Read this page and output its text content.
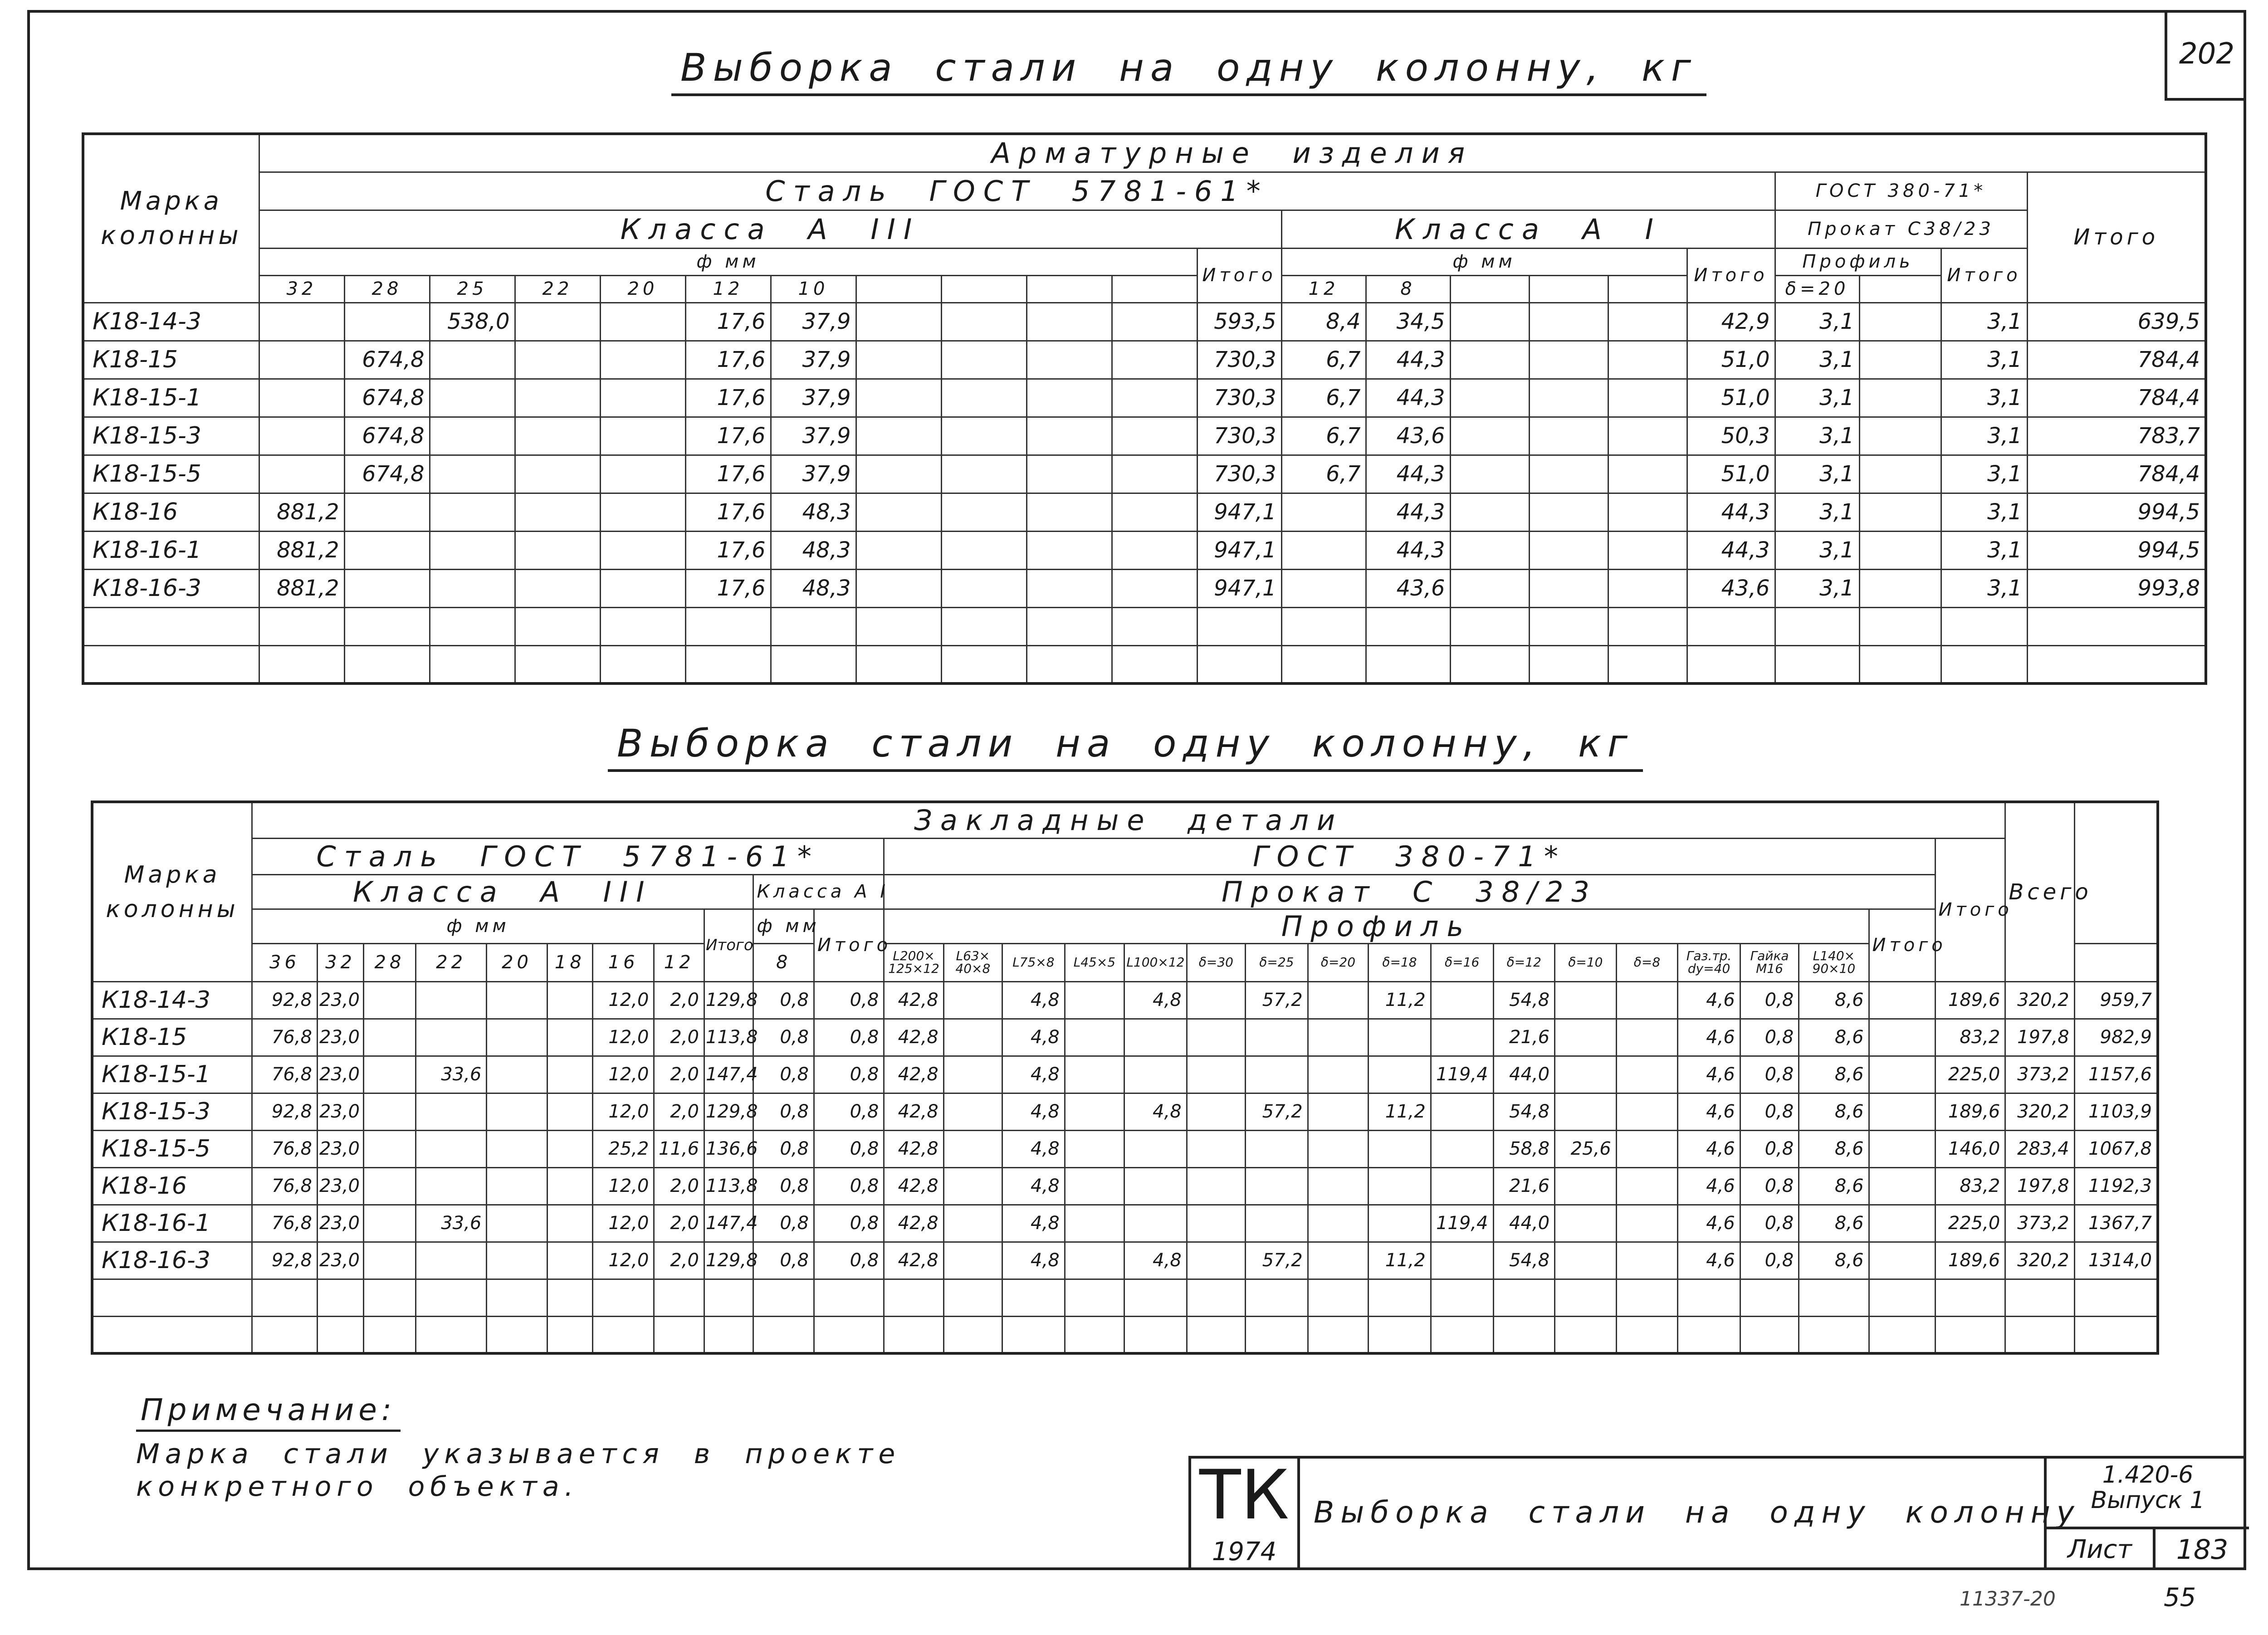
202
Выборка стали на одну колонну, кг
Марка колонны	Арматурные изделия																					
	Сталь ГОСТ 5781-61*																		ГОСТ 380-71*			Итого
	Класса A III												Класса A I						Прокат С38/23			
	ф мм											Итого	ф мм					Итого	Профиль		Итого	
	32	28	25	22	20	12	10						12	8					δ=20			
К18-14-3			538,0			17,6	37,9					593,5	8,4	34,5				42,9	3,1		3,1	639,5
К18-15		674,8				17,6	37,9					730,3	6,7	44,3				51,0	3,1		3,1	784,4
К18-15-1		674,8				17,6	37,9					730,3	6,7	44,3				51,0	3,1		3,1	784,4
К18-15-3		674,8				17,6	37,9					730,3	6,7	43,6				50,3	3,1		3,1	783,7
К18-15-5		674,8				17,6	37,9					730,3	6,7	44,3				51,0	3,1		3,1	784,4
К18-16	881,2					17,6	48,3					947,1		44,3				44,3	3,1		3,1	994,5
К18-16-1	881,2					17,6	48,3					947,1		44,3				44,3	3,1		3,1	994,5
К18-16-3	881,2					17,6	48,3					947,1		43,6				43,6	3,1		3,1	993,8

Выборка стали на одну колонну, кг
Марка колонны	Закладные детали																													Всего	
	Сталь ГОСТ 5781-61*											ГОСТ 380-71*																	Итого		
	Класса A III									Класса A I		Прокат С 38/23																			
	ф мм								Итого	ф мм	Итого	Профиль																Итого			
	36	32	28	22	20	18	16	12		8		L200× 125×12	L63× 40×8	L75×8	L45×5	L100×12	δ=30	δ=25	δ=20	δ=18	δ=16	δ=12	δ=10	δ=8	Газ.тр. dy=40	Гайка M16	L140× 90×10				
К18-14-3	92,8	23,0					12,0	2,0	129,8	0,8	0,8	42,8		4,8		4,8		57,2		11,2		54,8			4,6	0,8	8,6		189,6	320,2	959,7
К18-15	76,8	23,0					12,0	2,0	113,8	0,8	0,8	42,8		4,8								21,6			4,6	0,8	8,6		83,2	197,8	982,9
К18-15-1	76,8	23,0		33,6			12,0	2,0	147,4	0,8	0,8	42,8		4,8							119,4	44,0			4,6	0,8	8,6		225,0	373,2	1157,6
К18-15-3	92,8	23,0					12,0	2,0	129,8	0,8	0,8	42,8		4,8		4,8		57,2		11,2		54,8			4,6	0,8	8,6		189,6	320,2	1103,9
К18-15-5	76,8	23,0					25,2	11,6	136,6	0,8	0,8	42,8		4,8								58,8	25,6		4,6	0,8	8,6		146,0	283,4	1067,8
К18-16	76,8	23,0					12,0	2,0	113,8	0,8	0,8	42,8		4,8								21,6			4,6	0,8	8,6		83,2	197,8	1192,3
К18-16-1	76,8	23,0		33,6			12,0	2,0	147,4	0,8	0,8	42,8		4,8							119,4	44,0			4,6	0,8	8,6		225,0	373,2	1367,7
К18-16-3	92,8	23,0					12,0	2,0	129,8	0,8	0,8	42,8		4,8		4,8		57,2		11,2		54,8			4,6	0,8	8,6		189,6	320,2	1314,0

Примечание:
Марка стали указывается в проекте конкретного объекта.	ТК
1974
Выборка стали на одну колонну
1.420-6
Выпуск 1
Лист	183
11337-20	55
